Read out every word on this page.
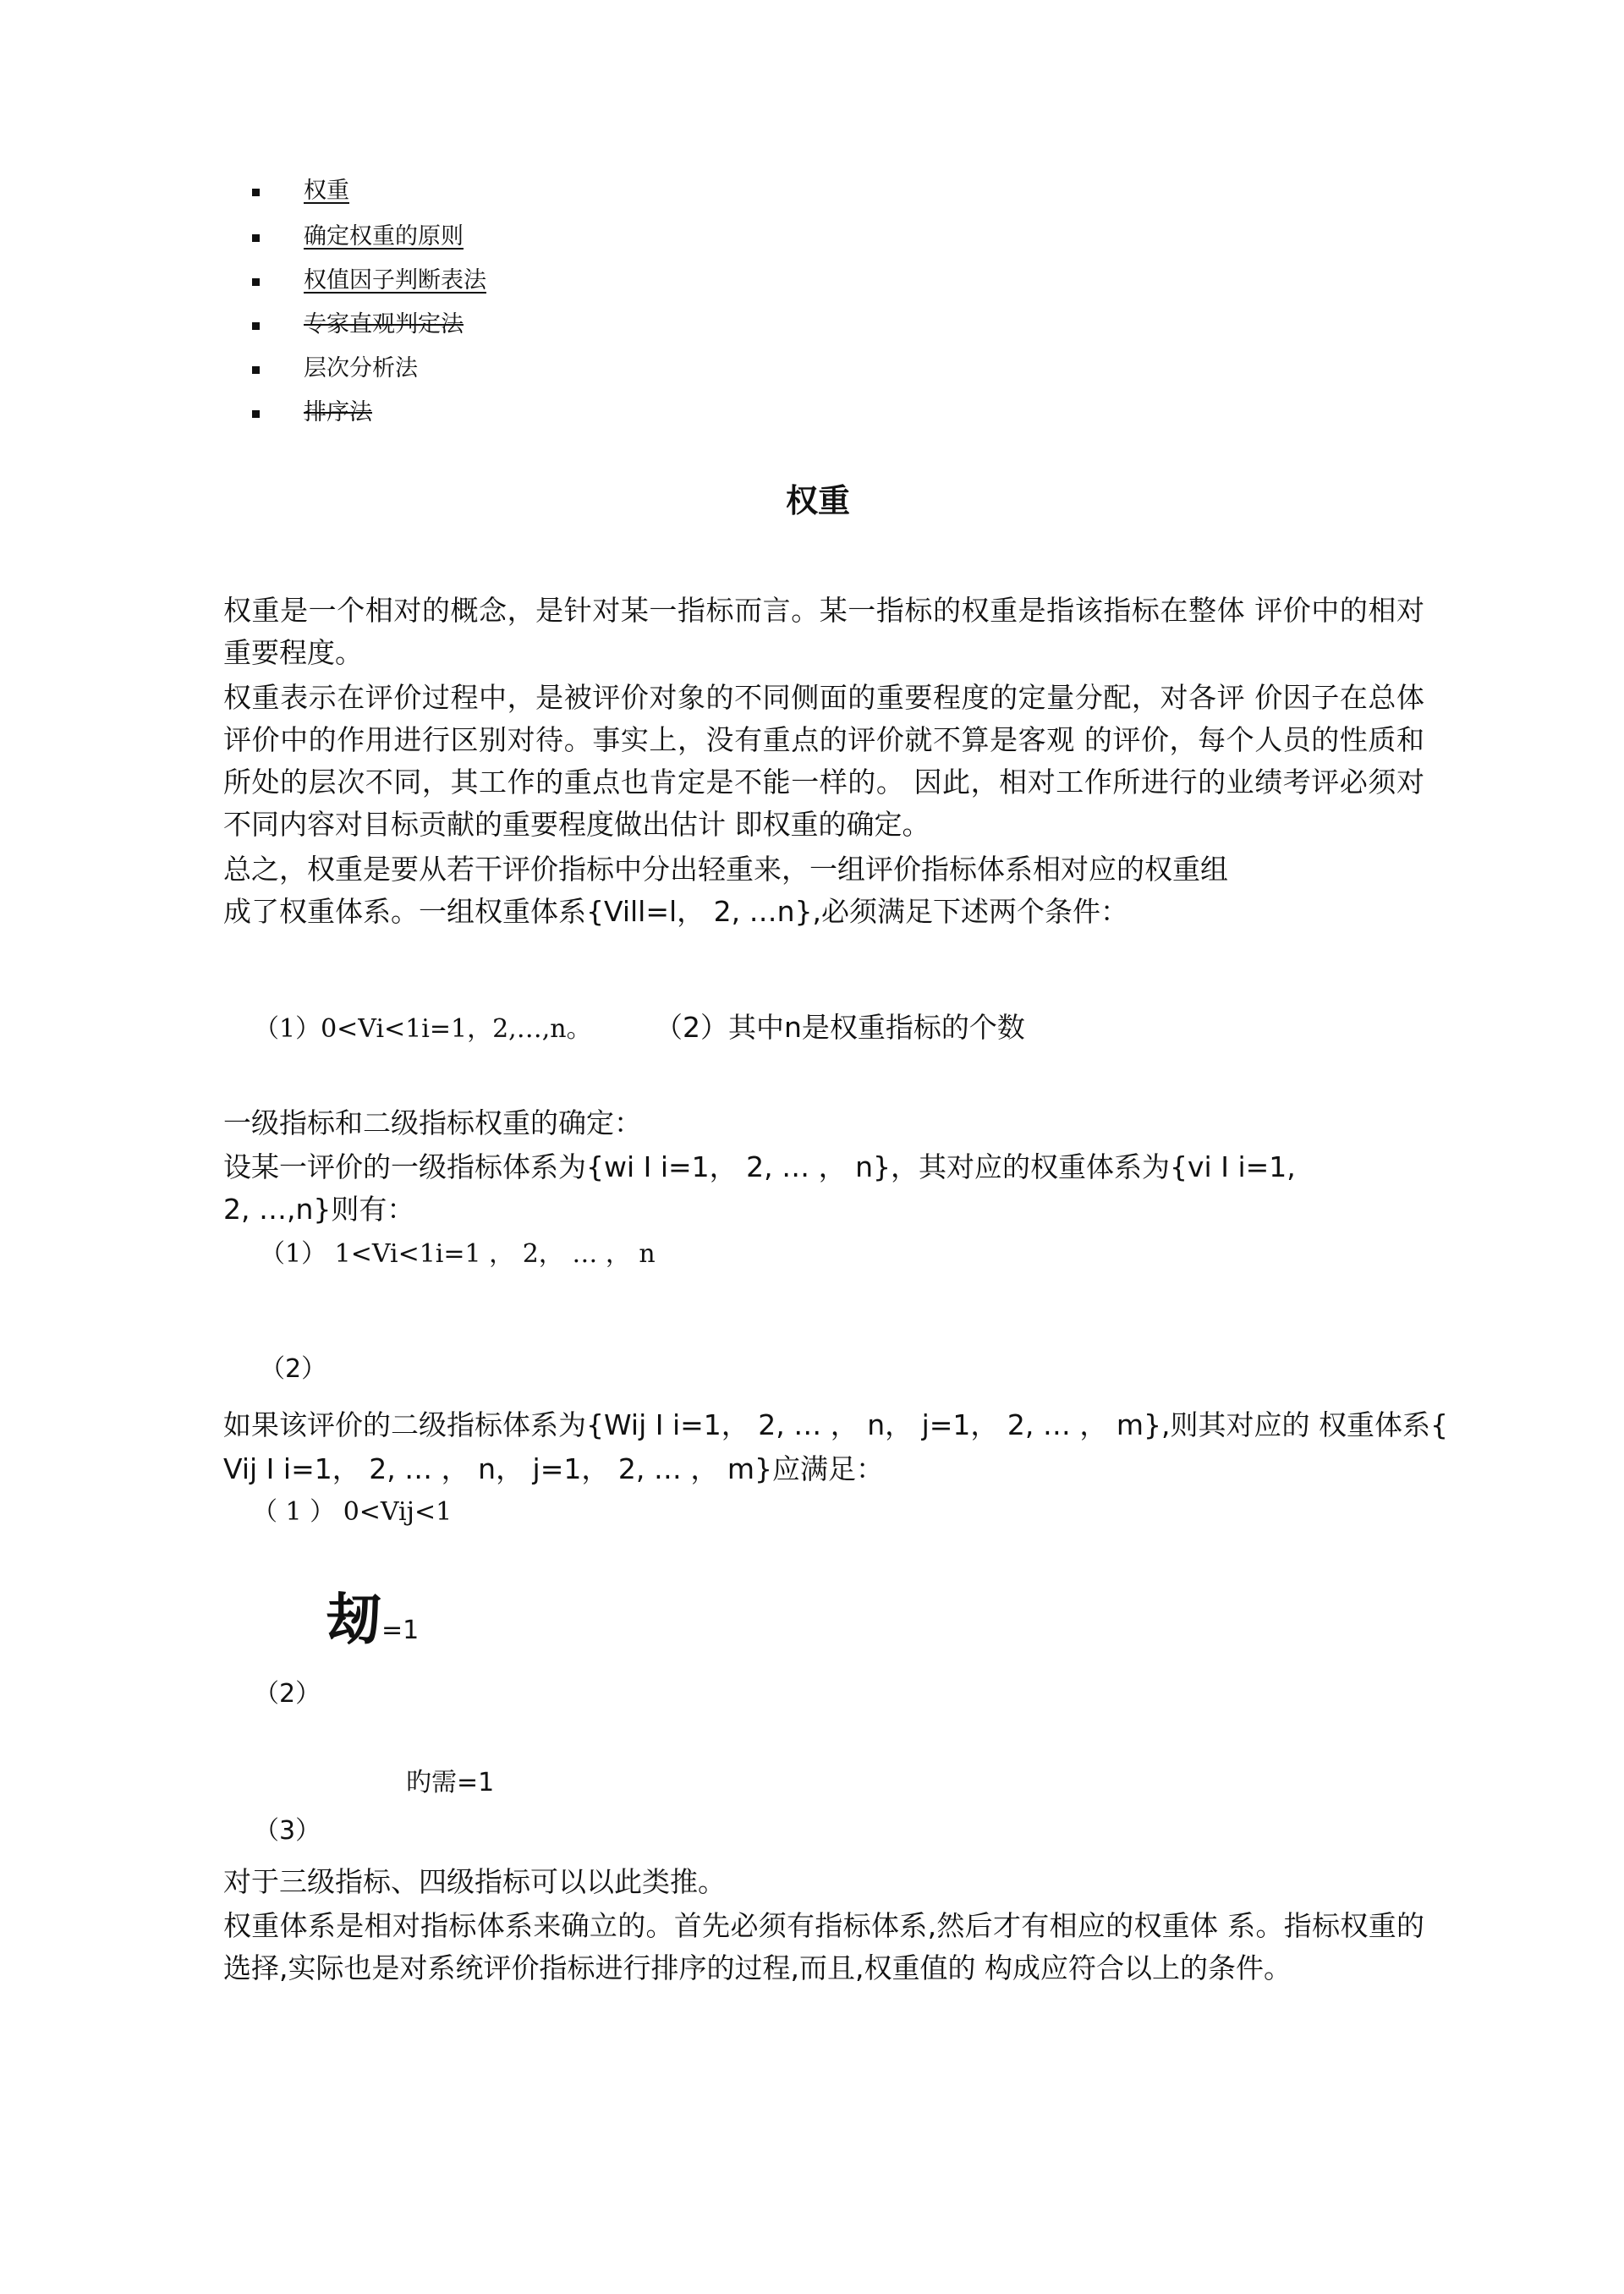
权重
确定权重的原则
权值因子判断表法
专家直观判定法
层次分析法
排序法
权重
权重是一个相对的概念，是针对某一指标而言。某一指标的权重是指该指标在整体 评价中的相对重要程度。
权重表示在评价过程中，是被评价对象的不同侧面的重要程度的定量分配，对各评 价因子在总体评价中的作用进行区别对待。事实上，没有重点的评价就不算是客观 的评价，每个人员的性质和所处的层次不同，其工作的重点也肯定是不能一样的。 因此，相对工作所进行的业绩考评必须对不同内容对目标贡献的重要程度做出估计 即权重的确定。
总之，权重是要从若干评价指标中分出轻重来，一组评价指标体系相对应的权重组
成了权重体系。一组权重体系{Vill=l， 2, …n},必须满足下述两个条件：
（1）0<Vi<1i=1，2,…,n。 （2）其中n是权重指标的个数
一级指标和二级指标权重的确定：
设某一评价的一级指标体系为{wi I i=1， 2, … ， n}，其对应的权重体系为{vi I i=1,
2, …,n}则有：
（1） 1<Vi<1i=1 ， 2， … ， n
（2）
如果该评价的二级指标体系为{Wij I i=1， 2, … ， n， j=1， 2, … ， m},则其对应的 权重体系{
Vij I i=1， 2, … ， n， j=1， 2, … ， m}应满足：
（ 1 ） 0<Vij<1
刼=1
（2）
旳需=1
（3）
对于三级指标、四级指标可以以此类推。
权重体系是相对指标体系来确立的。首先必须有指标体系,然后才有相应的权重体 系。指标权重的选择,实际也是对系统评价指标进行排序的过程,而且,权重值的 构成应符合以上的条件。
